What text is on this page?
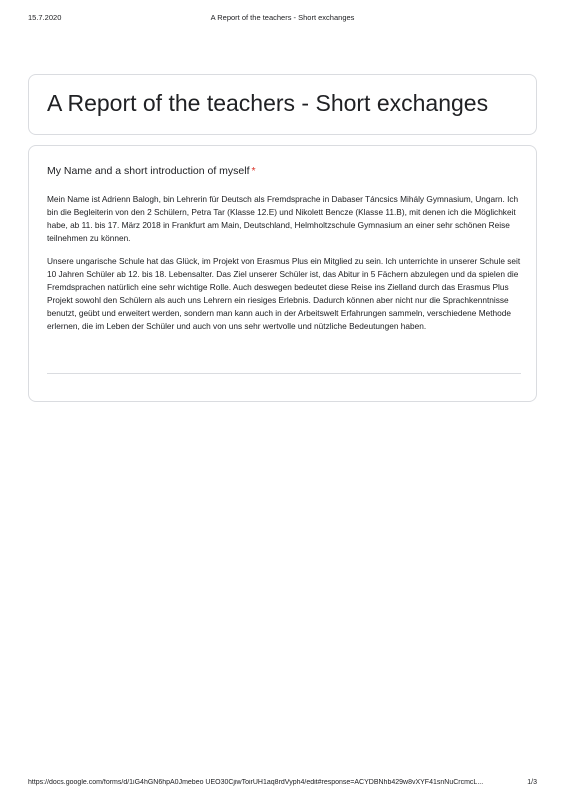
15.7.2020	A Report of the teachers - Short exchanges
A Report of the teachers - Short exchanges
My Name and a short introduction of myself *

Mein Name ist Adrienn Balogh, bin Lehrerin für Deutsch als Fremdsprache in Dabaser Táncsics Mihály Gymnasium, Ungarn. Ich bin die Begleiterin von den 2 Schülern, Petra Tar (Klasse 12.E) und Nikolett Bencze (Klasse 11.B), mit denen ich die Möglichkeit habe, ab 11. bis 17. März 2018 in Frankfurt am Main, Deutschland, Helmholtzschule Gymnasium an einer sehr schönen Reise teilnehmen zu können.

Unsere ungarische Schule hat das Glück, im Projekt von Erasmus Plus ein Mitglied zu sein. Ich unterrichte in unserer Schule seit 10 Jahren Schüler ab 12. bis 18. Lebensalter. Das Ziel unserer Schüler ist, das Abitur in 5 Fächern abzulegen und da spielen die Fremdsprachen natürlich eine sehr wichtige Rolle. Auch deswegen bedeutet diese Reise ins Zielland durch das Erasmus Plus Projekt sowohl den Schülern als auch uns Lehrern ein riesiges Erlebnis. Dadurch können aber nicht nur die Sprachkenntnisse benutzt, geübt und erweitert werden, sondern man kann auch in der Arbeitswelt Erfahrungen sammeln, verschiedene Methode erlernen, die im Leben der Schüler und auch von uns sehr wertvolle und nützliche Bedeutungen haben.

https://docs.google.com/forms/d/1iG4hGN6hpA0Jmebeo UEO30CjiwToirUH1aq8rdVyph4/edit#response=ACYDBNhb429w8vXYF41snNuCrcmcL...	1/3
